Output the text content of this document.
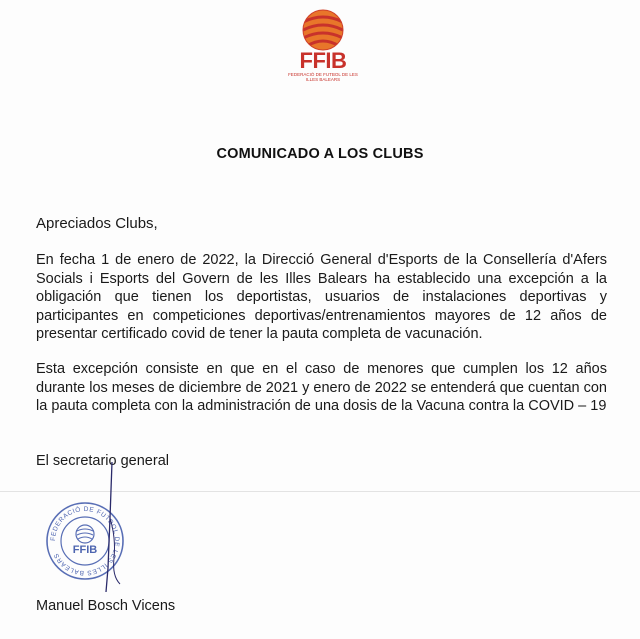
FFIB
FEDERACIÓ DE FUTBOL DE LES ILLES BALEARS
COMUNICADO A LOS CLUBS
Apreciados Clubs,
En fecha 1 de enero de 2022, la Direcció General d'Esports de la Consellería d'Afers Socials i Esports del Govern de les Illes Balears ha establecido una excepción a la obligación que tienen los deportistas, usuarios de instalaciones deportivas y participantes en competiciones deportivas/entrenamientos mayores de 12 años de presentar certificado covid de tener la pauta completa de vacunación.
Esta excepción consiste en que en el caso de menores que cumplen los 12 años durante los meses de diciembre de 2021 y enero de 2022 se entenderá que cuentan con la pauta completa con la administración de una dosis de la Vacuna contra la COVID – 19
El secretario general
FEDERACIÓ DE FUTBOL DE LES ILLES BALEARS	FFIB
Manuel Bosch Vicens
